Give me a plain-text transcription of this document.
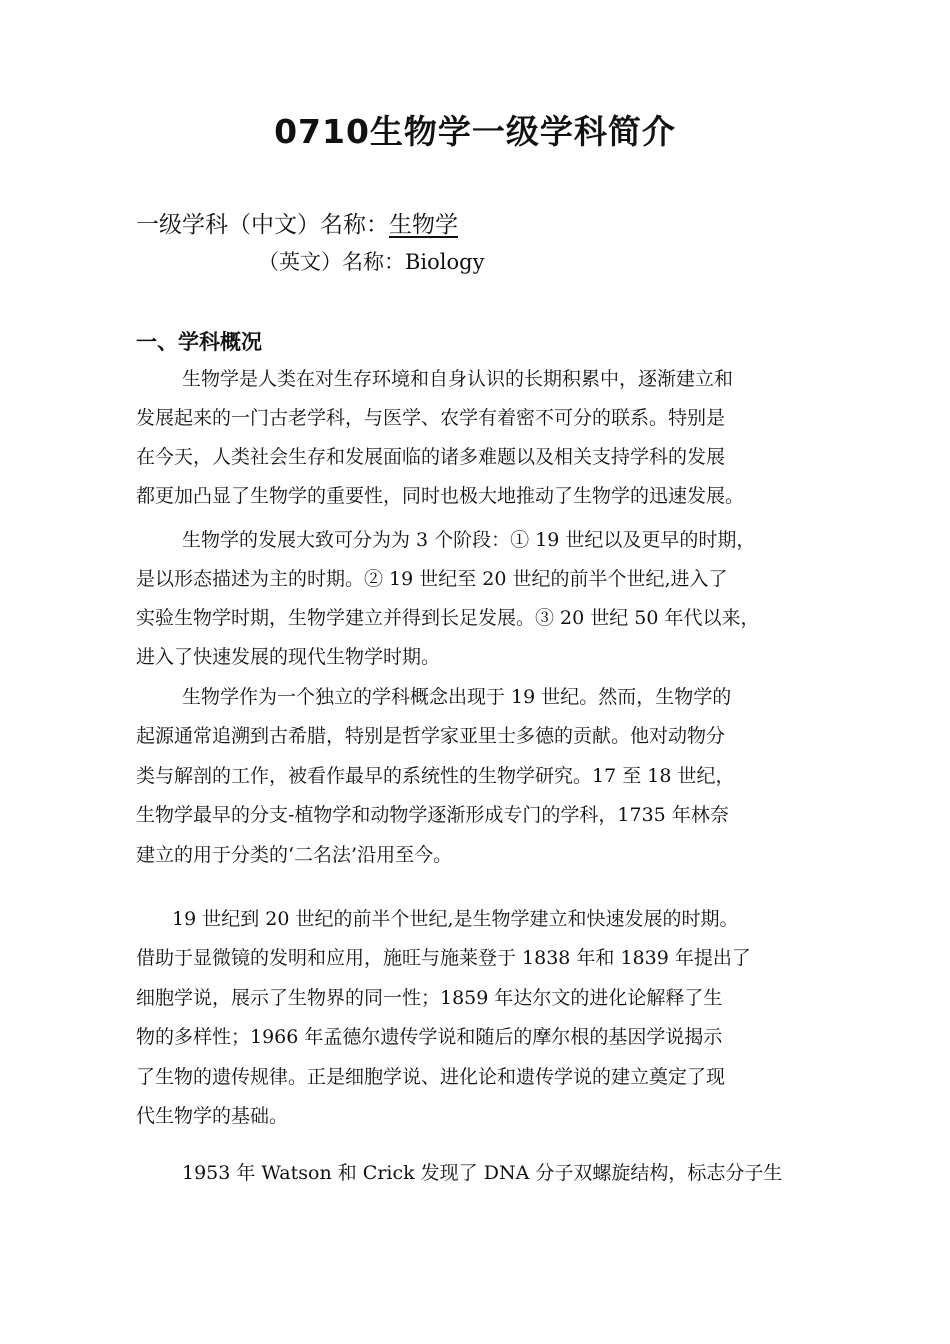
0710生物学一级学科简介
一级学科（中文）名称：生物学
（英文）名称：Biology
一、学科概况

生物学是人类在对生存环境和自身认识的长期积累中，逐渐建立和

发展起来的一门古老学科，与医学、农学有着密不可分的联系。特别是

在今天，人类社会生存和发展面临的诸多难题以及相关支持学科的发展

都更加凸显了生物学的重要性，同时也极大地推动了生物学的迅速发展。

生物学的发展大致可分为为 3 个阶段：① 19 世纪以及更早的时期，

是以形态描述为主的时期。② 19 世纪至 20 世纪的前半个世纪,进入了

实验生物学时期，生物学建立并得到长足发展。③ 20 世纪 50 年代以来，

进入了快速发展的现代生物学时期。

生物学作为一个独立的学科概念出现于 19 世纪。然而，生物学的

起源通常追溯到古希腊，特别是哲学家亚里士多德的贡献。他对动物分

类与解剖的工作，被看作最早的系统性的生物学研究。17 至 18 世纪，

生物学最早的分支-植物学和动物学逐渐形成专门的学科，1735 年林奈

建立的用于分类的‘二名法’沿用至今。

19 世纪到 20 世纪的前半个世纪,是生物学建立和快速发展的时期。

借助于显微镜的发明和应用，施旺与施莱登于 1838 年和 1839 年提出了

细胞学说，展示了生物界的同一性；1859 年达尔文的进化论解释了生

物的多样性；1966 年孟德尔遗传学说和随后的摩尔根的基因学说揭示

了生物的遗传规律。正是细胞学说、进化论和遗传学说的建立奠定了现

代生物学的基础。

1953 年 Watson 和 Crick 发现了 DNA 分子双螺旋结构，标志分子生
